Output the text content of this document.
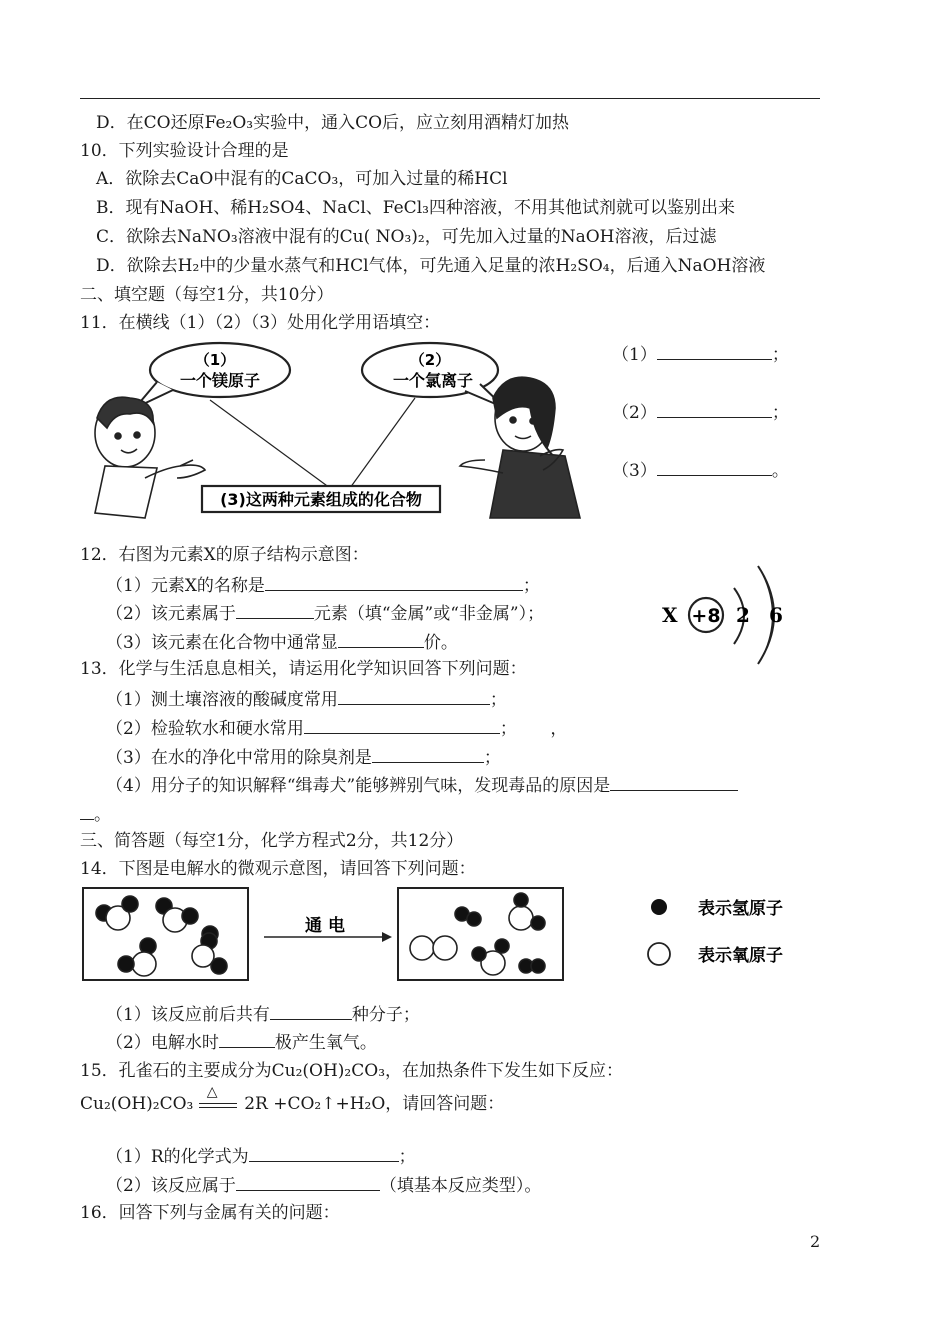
D．在CO还原Fe₂O₃实验中，通入CO后，应立刻用酒精灯加热
10．下列实验设计合理的是
A．欲除去CaO中混有的CaCO₃，可加入过量的稀HCl
B．现有NaOH、稀H₂SO4、NaCl、FeCl₃四种溶液，不用其他试剂就可以鉴别出来
C．欲除去NaNO₃溶液中混有的Cu( NO₃)₂，可先加入过量的NaOH溶液，后过滤
D．欲除去H₂中的少量水蒸气和HCl气体，可先通入足量的浓H₂SO₄，后通入NaOH溶液
二、填空题（每空1分，共10分）
11．在横线（1）（2）（3）处用化学用语填空：
（1）
一个镁原子
（2）
一个氯离子
(3)这两种元素组成的化合物
（1）	；
（2）	；
（3）	。
12．右图为元素X的原子结构示意图：
（1）元素X的名称是	；
（2）该元素属于	元素（填“金属”或“非金属”）；
（3）该元素在化合物中通常显	价。
X +8 2 6
13．化学与生活息息相关，请运用化学知识回答下列问题：
（1）测土壤溶液的酸碱度常用	；
（2）检验软水和硬水常用	； ，
（3）在水的净化中常用的除臭剂是	；
（4）用分子的知识解释“缉毒犬”能够辨别气味，发现毒品的原因是
。
三、简答题（每空1分，化学方程式2分，共12分）
14．下图是电解水的微观示意图，请回答下列问题：
通 电
表示氢原子
表示氧原子
（1）该反应前后共有	种分子；
（2）电解水时	极产生氧气。
15．孔雀石的主要成分为Cu₂(OH)₂CO₃，在加热条件下发生如下反应：
Cu₂(OH)₂CO₃
△
2R +CO₂↑+H₂O，请回答问题：
（1）R的化学式为	；
（2）该反应属于	（填基本反应类型）。
16．回答下列与金属有关的问题：
2
